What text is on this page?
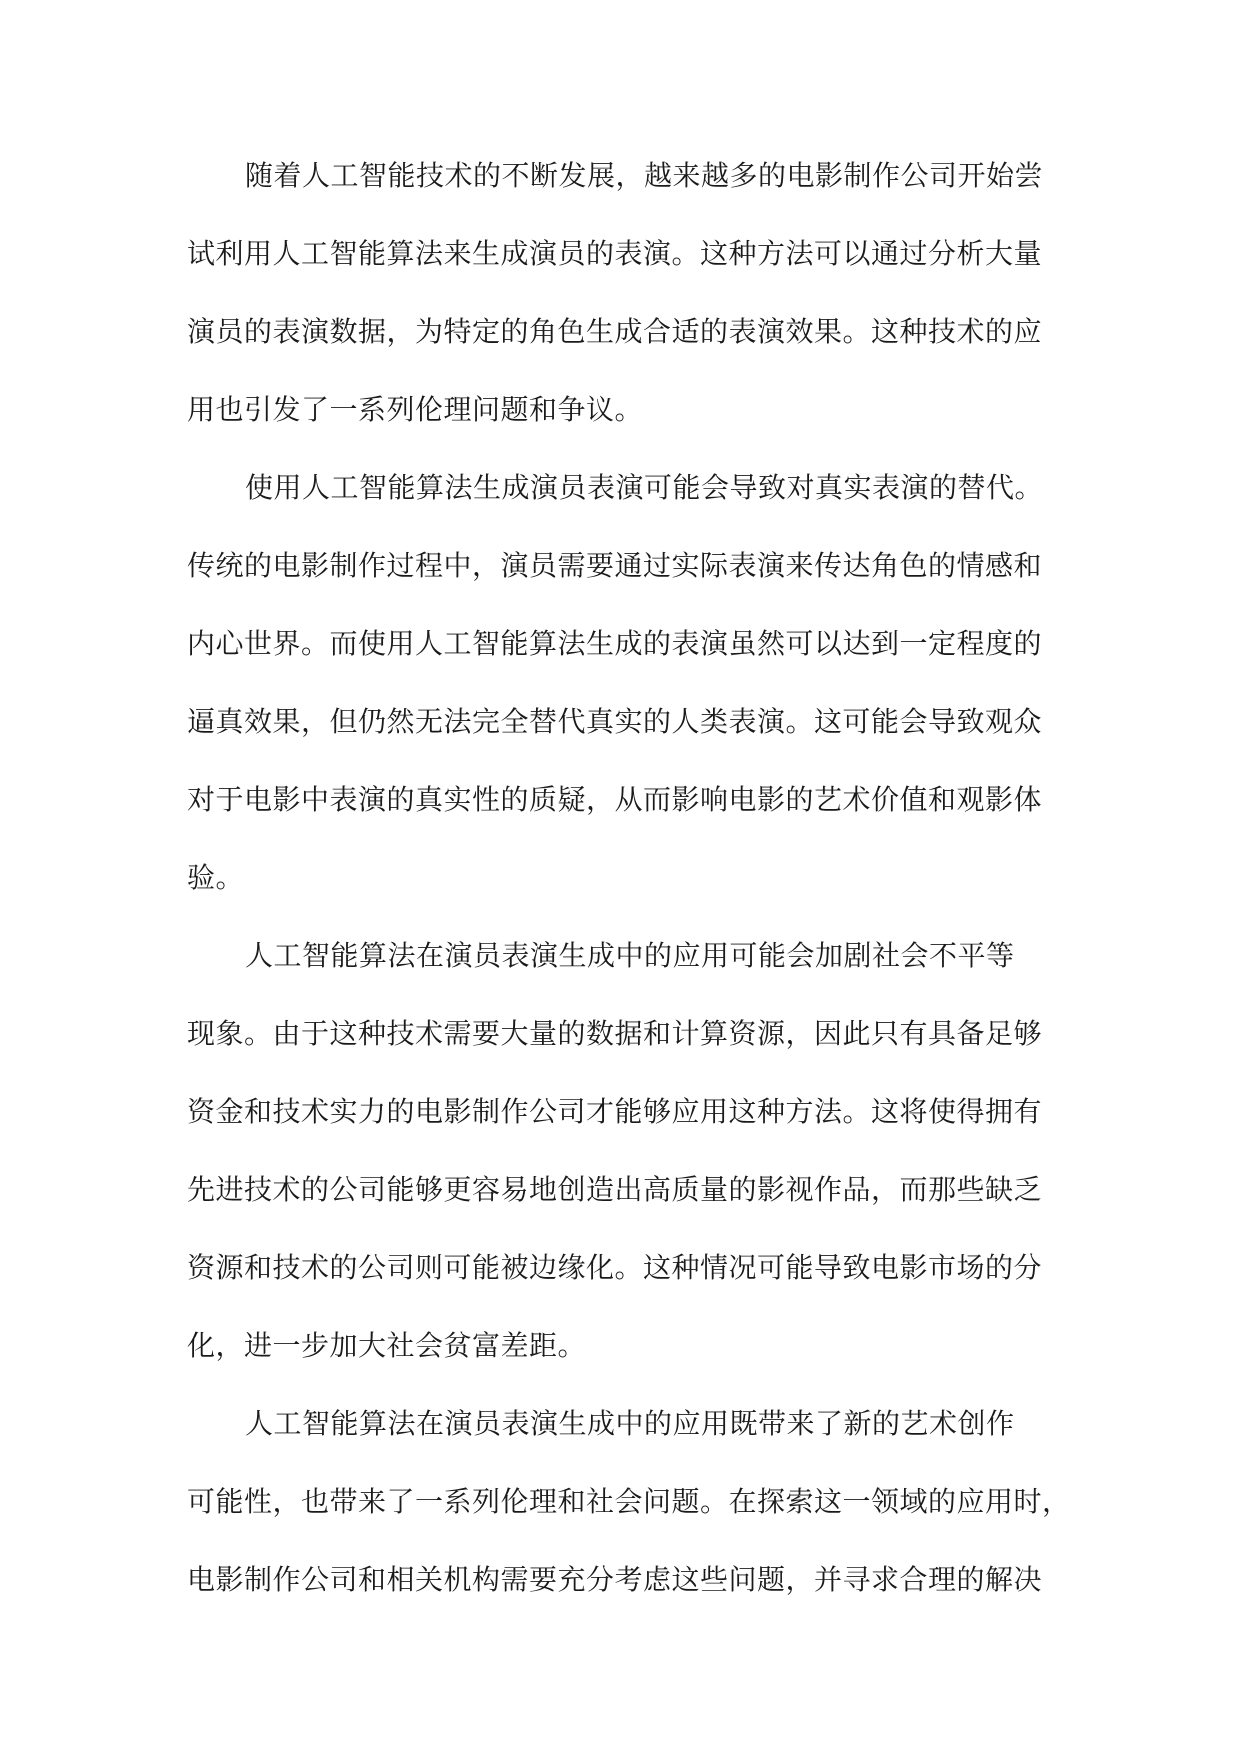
随着人工智能技术的不断发展，越来越多的电影制作公司开始尝
试利用人工智能算法来生成演员的表演。这种方法可以通过分析大量
演员的表演数据，为特定的角色生成合适的表演效果。这种技术的应
用也引发了一系列伦理问题和争议。
使用人工智能算法生成演员表演可能会导致对真实表演的替代。
传统的电影制作过程中，演员需要通过实际表演来传达角色的情感和
内心世界。而使用人工智能算法生成的表演虽然可以达到一定程度的
逼真效果，但仍然无法完全替代真实的人类表演。这可能会导致观众
对于电影中表演的真实性的质疑，从而影响电影的艺术价值和观影体
验。
人工智能算法在演员表演生成中的应用可能会加剧社会不平等
现象。由于这种技术需要大量的数据和计算资源，因此只有具备足够
资金和技术实力的电影制作公司才能够应用这种方法。这将使得拥有
先进技术的公司能够更容易地创造出高质量的影视作品，而那些缺乏
资源和技术的公司则可能被边缘化。这种情况可能导致电影市场的分
化，进一步加大社会贫富差距。
人工智能算法在演员表演生成中的应用既带来了新的艺术创作
可能性，也带来了一系列伦理和社会问题。在探索这一领域的应用时，
电影制作公司和相关机构需要充分考虑这些问题，并寻求合理的解决
